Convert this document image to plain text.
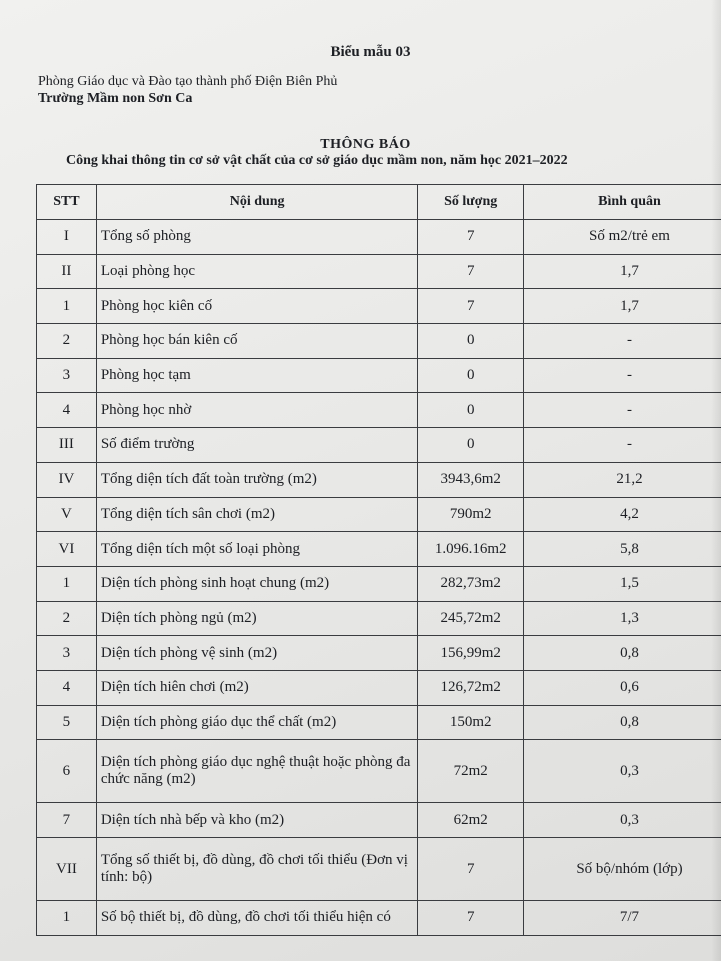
Biểu mẫu 03
Phòng Giáo dục và Đào tạo thành phố Điện Biên Phủ
Trường Mầm non Sơn Ca
THÔNG BÁO
Công khai thông tin cơ sở vật chất của cơ sở giáo dục mầm non, năm học 2021–2022
STT	Nội dung	Số lượng	Bình quân
I	Tổng số phòng	7	Số m2/trẻ em
II	Loại phòng học	7	1,7
1	Phòng học kiên cố	7	1,7
2	Phòng học bán kiên cố	0	-
3	Phòng học tạm	0	-
4	Phòng học nhờ	0	-
III	Số điểm trường	0	-
IV	Tổng diện tích đất toàn trường (m2)	3943,6m2	21,2
V	Tổng diện tích sân chơi (m2)	790m2	4,2
VI	Tổng diện tích một số loại phòng	1.096.16m2	5,8
1	Diện tích phòng sinh hoạt chung (m2)	282,73m2	1,5
2	Diện tích phòng ngủ (m2)	245,72m2	1,3
3	Diện tích phòng vệ sinh (m2)	156,99m2	0,8
4	Diện tích hiên chơi (m2)	126,72m2	0,6
5	Diện tích phòng giáo dục thể chất (m2)	150m2	0,8
6	Diện tích phòng giáo dục nghệ thuật hoặc phòng đa chức năng (m2)	72m2	0,3
7	Diện tích nhà bếp và kho (m2)	62m2	0,3
VII	Tổng số thiết bị, đồ dùng, đồ chơi tối thiểu (Đơn vị tính: bộ)	7	Số bộ/nhóm (lớp)
1	Số bộ thiết bị, đồ dùng, đồ chơi tối thiểu hiện có	7	7/7
